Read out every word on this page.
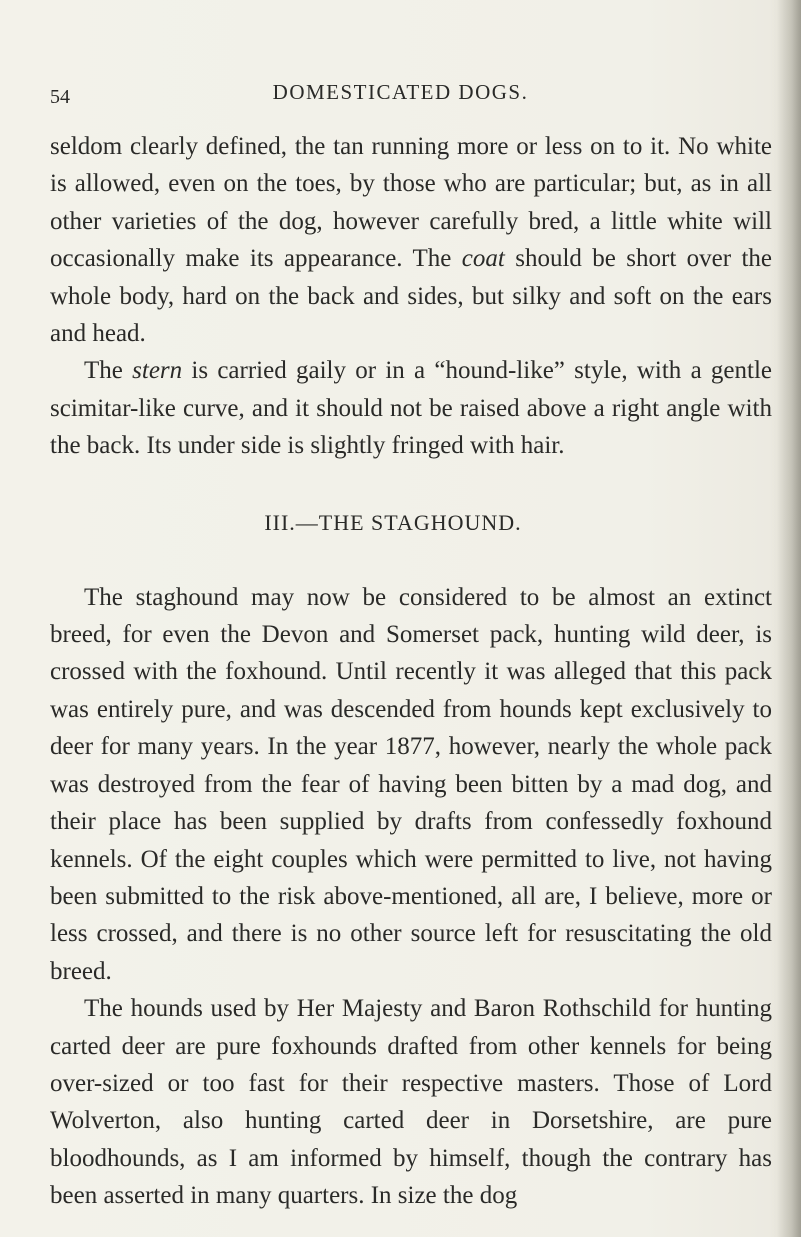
54	DOMESTICATED DOGS.

seldom clearly defined, the tan running more or less on to it. No white is allowed, even on the toes, by those who are particular; but, as in all other varieties of the dog, however carefully bred, a little white will occasionally make its appearance. The coat should be short over the whole body, hard on the back and sides, but silky and soft on the ears and head.

The stern is carried gaily or in a “hound-like” style, with a gentle scimitar-like curve, and it should not be raised above a right angle with the back. Its under side is slightly fringed with hair.

III.—THE STAGHOUND.

The staghound may now be considered to be almost an extinct breed, for even the Devon and Somerset pack, hunting wild deer, is crossed with the foxhound. Until recently it was alleged that this pack was entirely pure, and was descended from hounds kept exclusively to deer for many years. In the year 1877, however, nearly the whole pack was destroyed from the fear of having been bitten by a mad dog, and their place has been supplied by drafts from confessedly foxhound kennels. Of the eight couples which were permitted to live, not having been submitted to the risk above-mentioned, all are, I believe, more or less crossed, and there is no other source left for resuscitating the old breed.

The hounds used by Her Majesty and Baron Rothschild for hunting carted deer are pure foxhounds drafted from other kennels for being over-sized or too fast for their respective masters. Those of Lord Wolverton, also hunting carted deer in Dorsetshire, are pure bloodhounds, as I am informed by himself, though the contrary has been asserted in many quarters. In size the dog
